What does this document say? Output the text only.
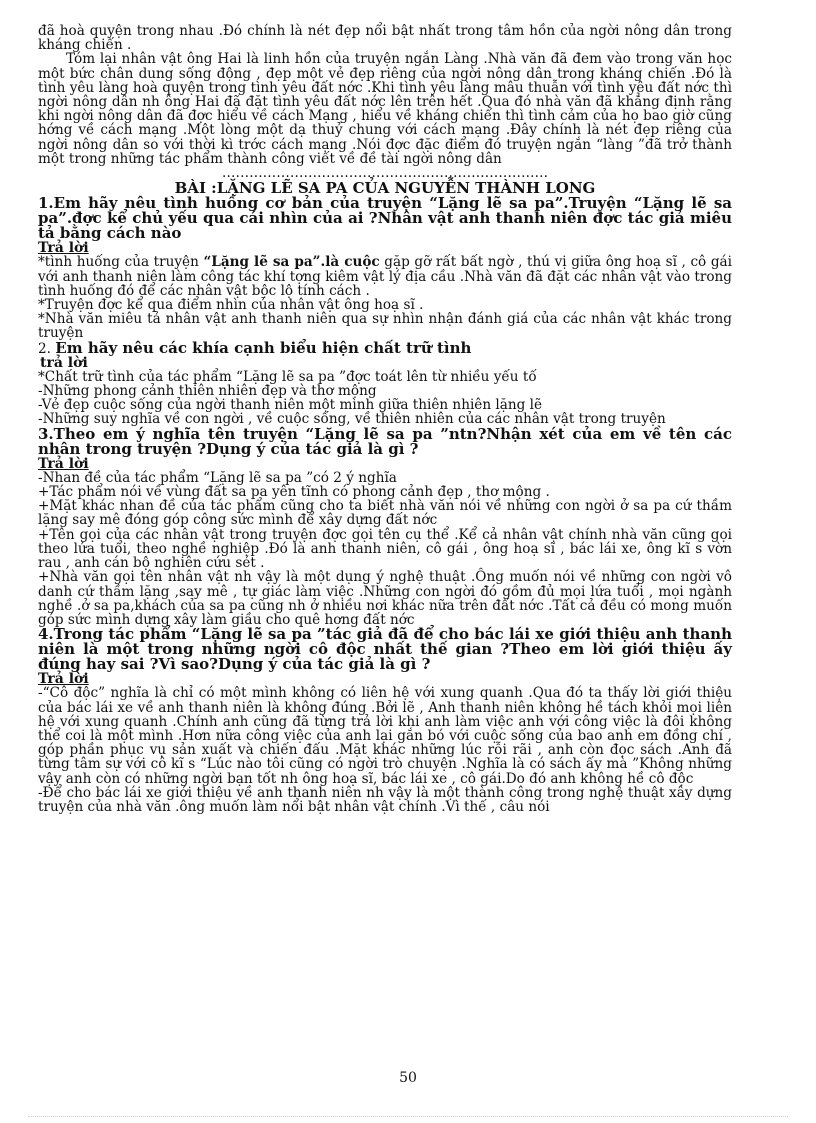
đã hoà quyện trong nhau .Đó chính là nét đẹp nổi bật nhất trong tâm hồn của ngời nông dân trong kháng chiến .

Tóm lại nhân vật ông Hai là linh hồn của truyện ngắn Làng .Nhà văn đã đem vào trong văn học một bức chân dung sống động , đẹp một vẻ đẹp riêng của ngời nông dân trong kháng chiến .Đó là tình yêu làng hoà quyện trong tình yêu đất nớc .Khi tình yêu làng mâu thuẫn với tình yêu đất nớc thì ngời nông dân nh ông Hai đã đặt tình yêu đất nớc lên trên hết .Qua đó nhà văn đã khẳng định rằng khi ngời nông dân đã đợc hiểu về cách Mạng , hiểu về kháng chiến thì tình cảm của họ bao giờ cũng hớng về cách mạng .Một lòng một dạ thuỷ chung với cách mạng .Đây chính là nét đẹp riêng của ngời nông dân so với thời kì trớc cách mạng .Nói đợc đặc điểm đó truyện ngắn “làng ”đã trở thành một trong những tác phẩm thành công viết về đề tài ngời nông dân

………………………………………………………………

BÀI :LẶNG LẼ SA PA CỦA NGUYỄN THÀNH LONG

1.Em hãy nêu tình huống cơ bản của truyện “Lặng lẽ sa pa”.Truyện “Lặng lẽ sa pa”.đợc kể chủ yếu qua cái nhìn của ai ?Nhân vật anh thanh niên đợc tác giả miêu tả bằng cách nào

Trả lời

*tình huống của truyện “Lặng lẽ sa pa”.là cuộc gặp gỡ rất bất ngờ , thú vị giữa ông hoạ sĩ , cô gái với anh thanh niên làm công tác khí tợng kiêm vật lý địa cầu .Nhà văn đã đặt các nhân vật vào trong tình huống đó để các nhân vật bộc lộ tính cách .

*Truyện đợc kể qua điểm nhìn của nhân vật ông hoạ sĩ .

*Nhà văn miêu tả nhân vật anh thanh niên qua sự nhìn nhận đánh giá của các nhân vật khác trong truyện

2. Em hãy nêu các khía cạnh biểu hiện chất trữ tình

trả lời

*Chất trữ tình của tác phẩm “Lặng lẽ sa pa ”đợc toát lên từ nhiều yếu tố

-Những phong cảnh thiên nhiên đẹp và thơ mộng

-Vẻ đẹp cuộc sống của ngời thanh niên một mình giữa thiên nhiên lặng lẽ

-Những suy nghĩa về con ngời , về cuộc sống, về thiên nhiên của các nhân vật trong truyện

3.Theo em ý nghĩa tên truyện “Lặng lẽ sa pa ”ntn?Nhận xét của em về tên các nhân trong truyện ?Dụng ý của tác giả là gì ?

Trả lời

-Nhan đề của tác phẩm “Lặng lẽ sa pa ”có 2 ý nghĩa

+Tác phẩm nói về vùng đất sa pa yên tĩnh có phong cảnh đẹp , thơ mộng .

+Mặt khác nhan đề của tác phẩm cũng cho ta biết nhà văn nói về những con ngời ở sa pa cứ thầm lặng say mê đóng góp công sức mình để xây dựng đất nớc

+Tên gọi của các nhân vật trong truyện đợc gọi tên cụ thể .Kể cả nhân vật chính nhà văn cũng gọi theo lứa tuổi, theo nghề nghiệp .Đó là anh thanh niên, cô gái , ông hoạ sĩ , bác lái xe, ông kĩ s vờn rau , anh cán bộ nghiên cứu sét .

+Nhà văn gọi tên nhân vật nh vậy là một dụng ý nghệ thuật .Ông muốn nói về những con ngời vô danh cứ thầm lặng ,say mê , tự giác làm việc .Những con ngời đó gồm đủ mọi lứa tuổi , mọi ngành nghề .ở sa pa,khách của sa pa cũng nh ở nhiều nơi khác nữa trên đất nớc .Tất cả đều có mong muốn góp sức mình dựng xây làm giầu cho quê hơng đất nớc

4.Trong tác phẩm “Lặng lẽ sa pa ”tác giả đã để cho bác lái xe giới thiệu anh thanh niên là một trong những ngời cô độc nhất thế gian ?Theo em lời giới thiệu ấy đúng hay sai ?Vì sao?Dụng ý của tác giả là gì ?

Trả lời

-“Cô độc” nghĩa là chỉ có một mình không có liên hệ với xung quanh .Qua đó ta thấy lời giới thiệu của bác lái xe về anh thanh niên là không đúng .Bởi lẽ , Anh thanh niên không hề tách khỏi mọi liên hệ với xung quanh .Chính anh cũng đã từng trả lời khi anh làm việc anh với công việc là đôi không thể coi là một mình .Hơn nữa công việc của anh lại gắn bó với cuộc sống của bao anh em đồng chí , góp phần phục vụ sản xuất và chiến đấu .Mặt khác những lúc rỗi rãi , anh còn đọc sách .Anh đã từng tâm sự với cô kĩ s “Lúc nào tôi cũng có ngời trò chuyện .Nghĩa là có sách ấy mà ”Không những vậy anh còn có những ngời bạn tốt nh ông hoạ sĩ, bác lái xe , cô gái.Do đó anh không hề cô độc

-Để cho bác lái xe giới thiệu về anh thanh niên nh vậy là một thành công trong nghệ thuật xây dựng truyện của nhà văn .ông muốn làm nổi bật nhân vật chính .Vì thế , câu nói

50
